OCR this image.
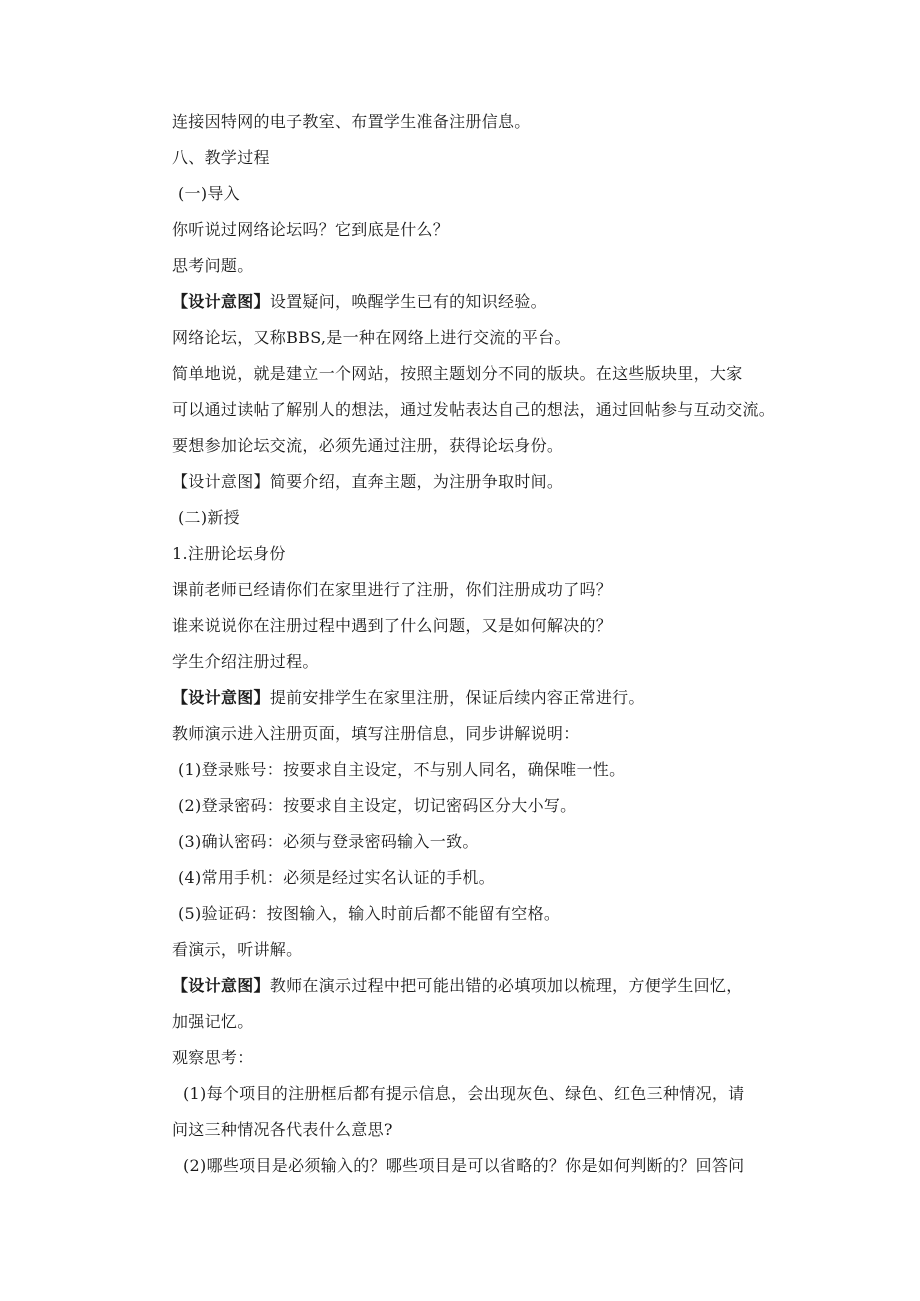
连接因特网的电子教室、布置学生准备注册信息。
八、教学过程
(一)导入
你听说过网络论坛吗？它到底是什么？
思考问题。
【设计意图】设置疑问，唤醒学生已有的知识经验。
网络论坛，又称BBS,是一种在网络上进行交流的平台。
简单地说，就是建立一个网站，按照主题划分不同的版块。在这些版块里，大家
可以通过读帖了解别人的想法，通过发帖表达自己的想法，通过回帖参与互动交流。
要想参加论坛交流，必须先通过注册，获得论坛身份。
【设计意图】简要介绍，直奔主题，为注册争取时间。
(二)新授
1.注册论坛身份
课前老师已经请你们在家里进行了注册，你们注册成功了吗？
谁来说说你在注册过程中遇到了什么问题，又是如何解决的？
学生介绍注册过程。
【设计意图】提前安排学生在家里注册，保证后续内容正常进行。
教师演示进入注册页面，填写注册信息，同步讲解说明：
(1)登录账号：按要求自主设定，不与别人同名，确保唯一性。
(2)登录密码：按要求自主设定，切记密码区分大小写。
(3)确认密码：必须与登录密码输入一致。
(4)常用手机：必须是经过实名认证的手机。
(5)验证码：按图输入，输入时前后都不能留有空格。
看演示，听讲解。
【设计意图】教师在演示过程中把可能出错的必填项加以梳理，方便学生回忆，
加强记忆。
观察思考：
(1)每个项目的注册框后都有提示信息，会出现灰色、绿色、红色三种情况，请
问这三种情况各代表什么意思?
(2)哪些项目是必须输入的？哪些项目是可以省略的？你是如何判断的？回答问
